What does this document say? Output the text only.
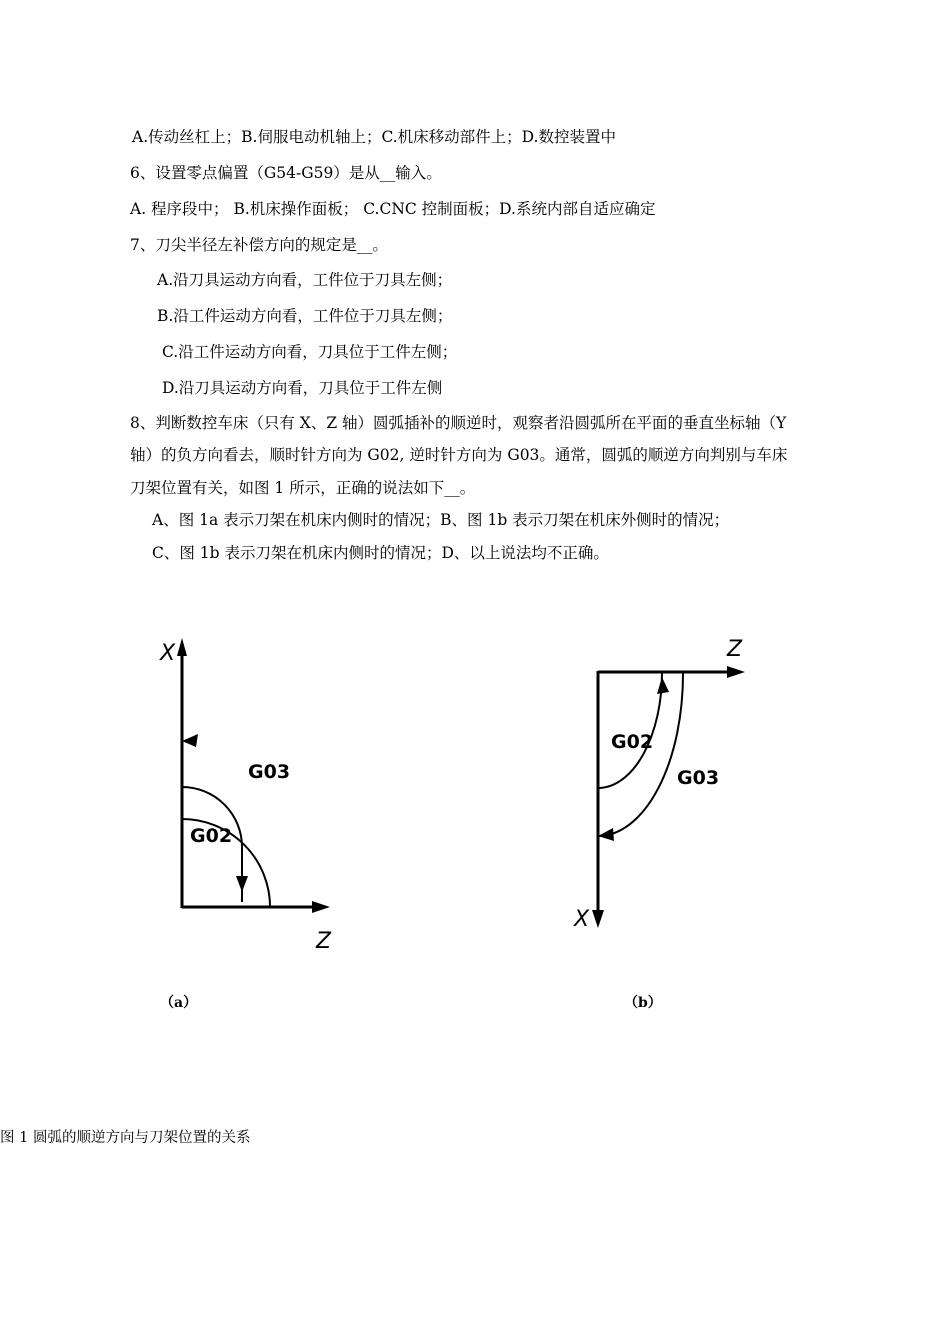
A.传动丝杠上；B.伺服电动机轴上；C.机床移动部件上；D.数控装置中
6、设置零点偏置（G54-G59）是从__输入。
A. 程序段中； B.机床操作面板； C.CNC 控制面板；D.系统内部自适应确定
7、刀尖半径左补偿方向的规定是__。
A.沿刀具运动方向看，工件位于刀具左侧；
B.沿工件运动方向看，工件位于刀具左侧；
C.沿工件运动方向看，刀具位于工件左侧；
D.沿刀具运动方向看，刀具位于工件左侧
8、判断数控车床（只有 X、Z 轴）圆弧插补的顺逆时，观察者沿圆弧所在平面的垂直坐标轴（Y
轴）的负方向看去，顺时针方向为 G02, 逆时针方向为 G03。通常，圆弧的顺逆方向判别与车床
刀架位置有关，如图 1 所示，正确的说法如下__。
A、图 1a 表示刀架在机床内侧时的情况；B、图 1b 表示刀架在机床外侧时的情况；
C、图 1b 表示刀架在机床内侧时的情况；D、以上说法均不正确。
X
Z
G03
G02
Z
X
G02
G03
（a）	（b）
图 1 圆弧的顺逆方向与刀架位置的关系
